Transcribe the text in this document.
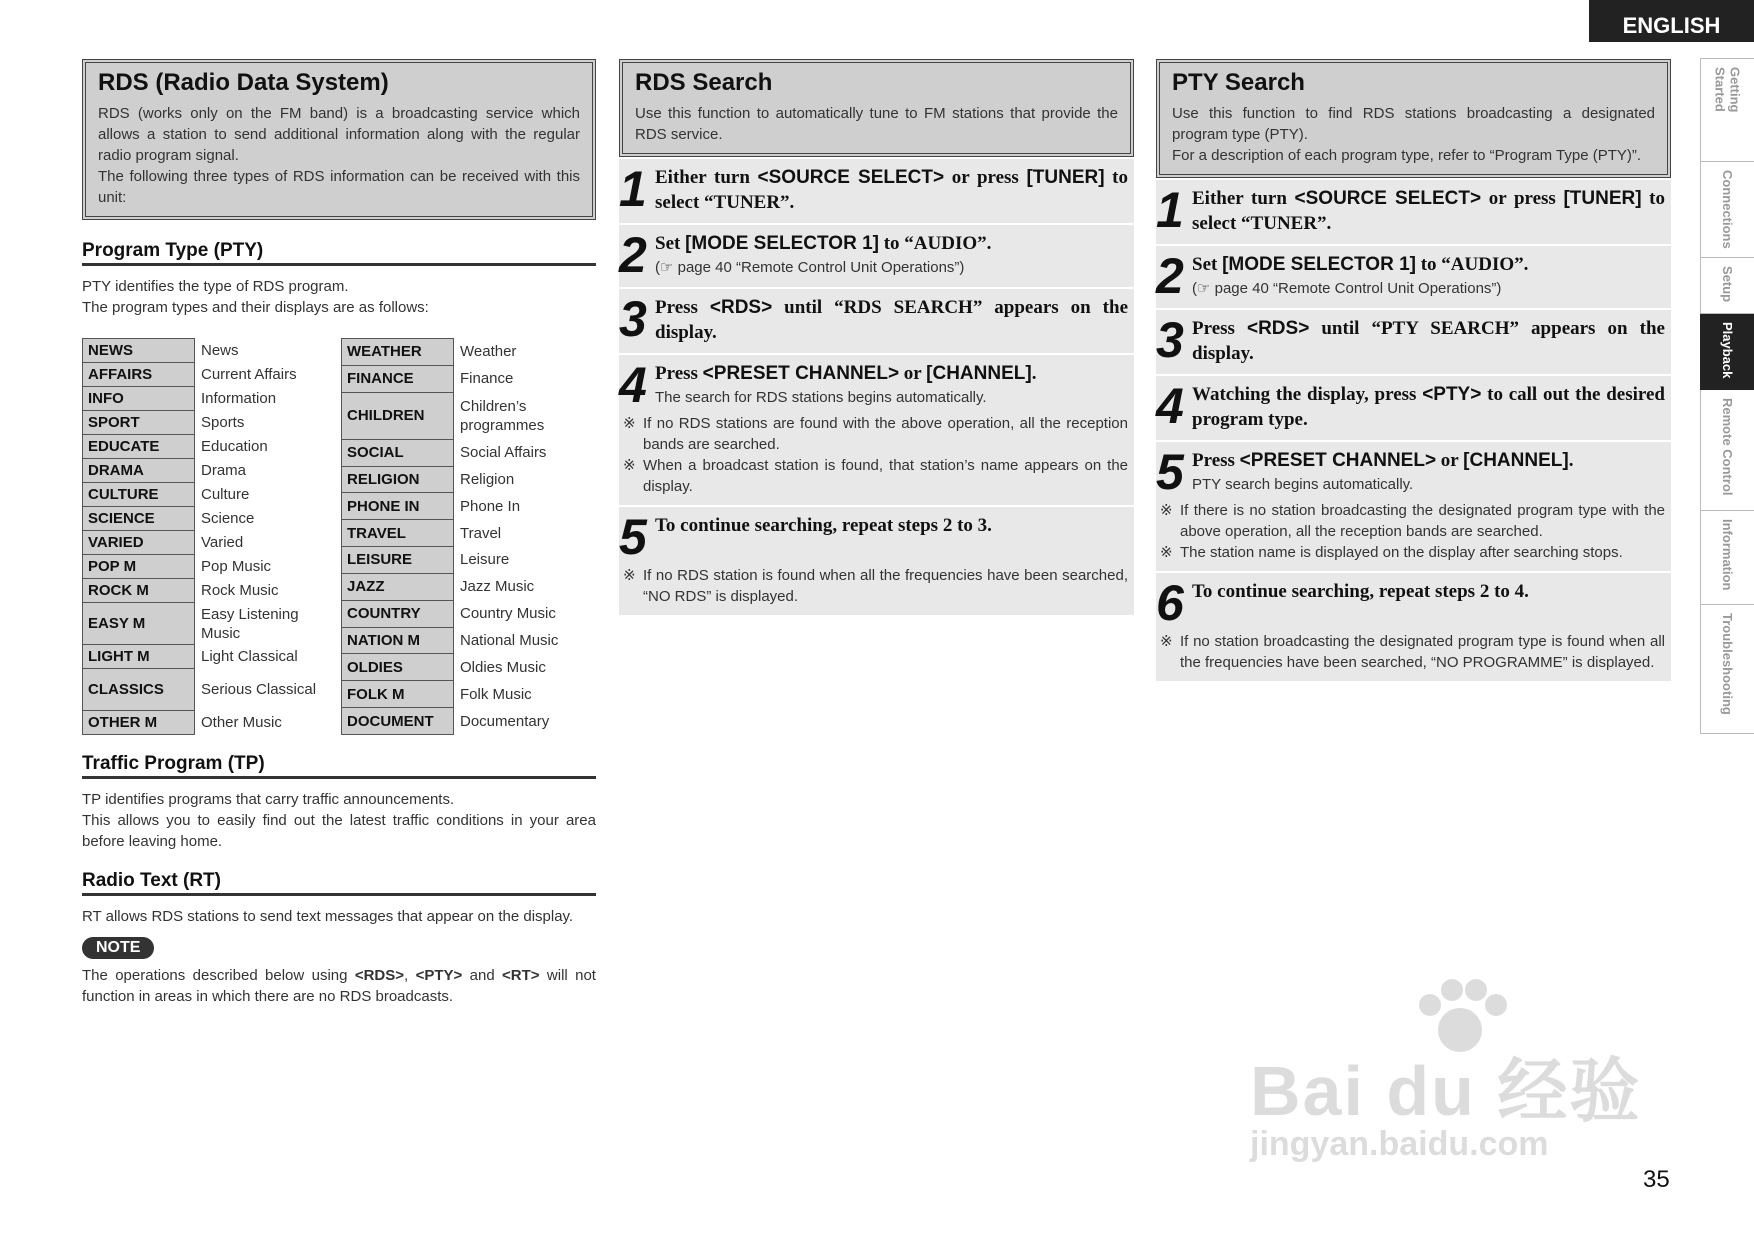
ENGLISH
Getting Started
Connections
Setup
Playback
Remote Control
Information
Troubleshooting
RDS (Radio Data System)

RDS (works only on the FM band) is a broadcasting service which allows a station to send additional information along with the regular radio program signal.

The following three types of RDS information can be received with this unit:

Program Type (PTY)
PTY identifies the type of RDS program.
The program types and their displays are as follows:
NEWS	News
AFFAIRS	Current Affairs
INFO	Information
SPORT	Sports
EDUCATE	Education
DRAMA	Drama
CULTURE	Culture
SCIENCE	Science
VARIED	Varied
POP M	Pop Music
ROCK M	Rock Music
EASY M	Easy Listening Music
LIGHT M	Light Classical
CLASSICS	Serious Classical
OTHER M	Other Music
WEATHER	Weather
FINANCE	Finance
CHILDREN	Children’s programmes
SOCIAL	Social Affairs
RELIGION	Religion
PHONE IN	Phone In
TRAVEL	Travel
LEISURE	Leisure
JAZZ	Jazz Music
COUNTRY	Country Music
NATION M	National Music
OLDIES	Oldies Music
FOLK M	Folk Music
DOCUMENT	Documentary
Traffic Program (TP)
TP identifies programs that carry traffic announcements.
This allows you to easily find out the latest traffic conditions in your area before leaving home.
Radio Text (RT)
RT allows RDS stations to send text messages that appear on the display.
NOTE
The operations described below using <RDS>, <PTY> and <RT> will not function in areas in which there are no RDS broadcasts.
RDS Search

Use this function to automatically tune to FM stations that provide the RDS service.

1 Either turn <SOURCE SELECT> or press [TUNER] to select “TUNER”.
2 Set [MODE SELECTOR 1] to “AUDIO”.
(☞ page 40 “Remote Control Unit Operations”)
3 Press <RDS> until “RDS SEARCH” appears on the display.
4 Press <PRESET CHANNEL> or [CHANNEL].
The search for RDS stations begins automatically.
※ If no RDS stations are found with the above operation, all the reception bands are searched.
※ When a broadcast station is found, that station’s name appears on the display.
5 To continue searching, repeat steps 2 to 3.
※ If no RDS station is found when all the frequencies have been searched, “NO RDS” is displayed.
PTY Search

Use this function to find RDS stations broadcasting a designated program type (PTY).

For a description of each program type, refer to “Program Type (PTY)”.

1 Either turn <SOURCE SELECT> or press [TUNER] to select “TUNER”.
2 Set [MODE SELECTOR 1] to “AUDIO”.
(☞ page 40 “Remote Control Unit Operations”)
3 Press <RDS> until “PTY SEARCH” appears on the display.
4 Watching the display, press <PTY> to call out the desired program type.
5 Press <PRESET CHANNEL> or [CHANNEL].
PTY search begins automatically.
※ If there is no station broadcasting the designated program type with the above operation, all the reception bands are searched.
※ The station name is displayed on the display after searching stops.
6 To continue searching, repeat steps 2 to 4.
※ If no station broadcasting the designated program type is found when all the frequencies have been searched, “NO PROGRAMME” is displayed.
Bai du 经验
jingyan.baidu.com
35
